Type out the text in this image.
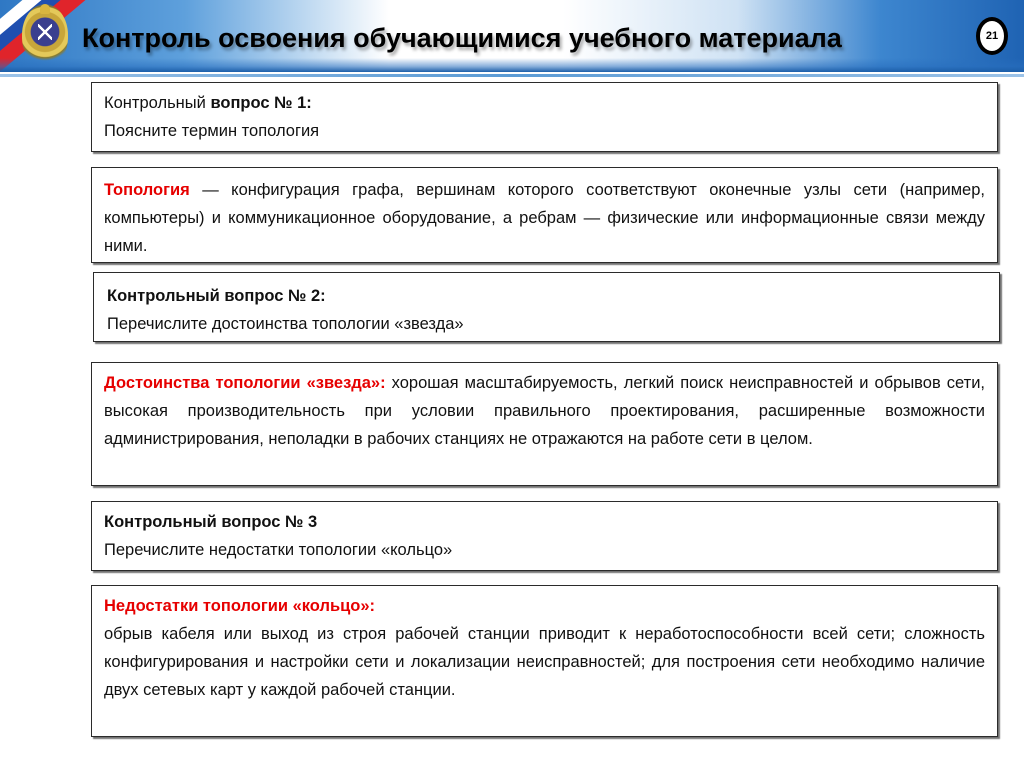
Контроль освоения обучающимися учебного материала	21
Контрольный вопрос № 1:
Поясните термин топология
Топология — конфигурация графа, вершинам которого соответствуют оконечные узлы сети (например, компьютеры) и коммуникационное оборудование, а ребрам — физические или информационные связи между ними.
Контрольный вопрос № 2:
Перечислите достоинства топологии «звезда»
Достоинства топологии «звезда»: хорошая масштабируемость, легкий поиск неисправностей и обрывов сети, высокая производительность при условии правильного проектирования, расширенные возможности администрирования, неполадки в рабочих станциях не отражаются на работе сети в целом.
Контрольный вопрос № 3
Перечислите недостатки топологии «кольцо»
Недостатки топологии «кольцо»:
обрыв кабеля или выход из строя рабочей станции приводит к неработоспособности всей сети; сложность конфигурирования и настройки сети и локализации неисправностей; для построения сети необходимо наличие двух сетевых карт у каждой рабочей станции.
